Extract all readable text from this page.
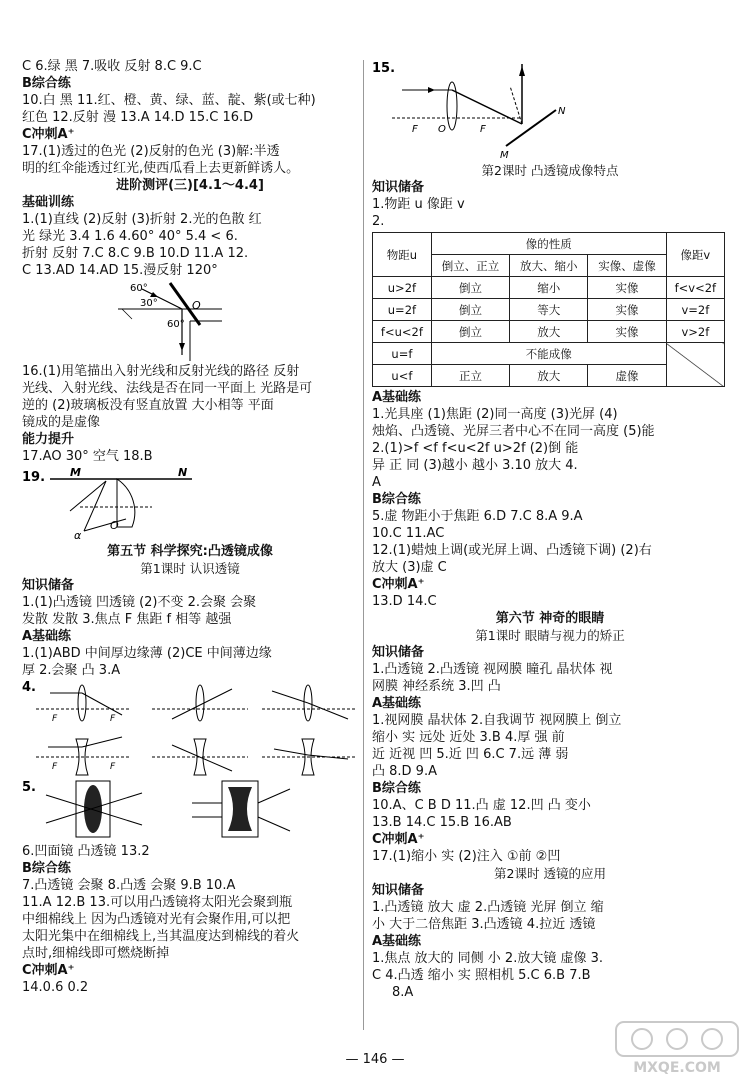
C 6.绿 黑 7.吸收 反射 8.C 9.C
B综合练
10.白 黑 11.红、橙、黄、绿、蓝、靛、紫(或七种)
红色 12.反射 漫 13.A 14.D 15.C 16.D
C冲刺A⁺
17.(1)透过的色光 (2)反射的色光 (3)解:半透
明的红伞能透过红光,使西瓜看上去更新鲜诱人。
进阶测评(三)[4.1～4.4]
基础训练
1.(1)直线 (2)反射 (3)折射 2.光的色散 红
光 绿光 3.4 1.6 4.60° 40° 5.4 < 6.
折射 反射 7.C 8.C 9.B 10.D 11.A 12.
C 13.AD 14.AD 15.漫反射 120°
60°
30°
60°
O
16.(1)用笔描出入射光线和反射光线的路径 反射
光线、入射光线、法线是否在同一平面上 光路是可
逆的 (2)玻璃板没有竖直放置 大小相等 平面
镜成的是虚像
能力提升
17.AO 30° 空气 18.B
19. M	N
O
α
第五节 科学探究:凸透镜成像
第1课时 认识透镜
知识储备
1.(1)凸透镜 凹透镜 (2)不变 2.会聚 会聚
发散 发散 3.焦点 F 焦距 f 相等 越强
A基础练
1.(1)ABD 中间厚边缘薄 (2)CE 中间薄边缘
厚 2.会聚 凸 3.A
4.
F	F
F	F
5.
6.凹面镜 凸透镜 13.2
B综合练
7.凸透镜 会聚 8.凸透 会聚 9.B 10.A
11.A 12.B 13.可以用凸透镜将太阳光会聚到瓶
中细棉线上 因为凸透镜对光有会聚作用,可以把
太阳光集中在细棉线上,当其温度达到棉线的着火
点时,细棉线即可燃烧断掉
C冲刺A⁺
14.0.6 0.2
15.
F O	F
N
M
第2课时 凸透镜成像特点
知识储备
1.物距 u 像距 v
2.
物距u	像的性质			像距v
	倒立、正立	放大、缩小	实像、虚像	
u>2f	倒立	缩小	实像	f<v<2f
u=2f	倒立	等大	实像	v=2f
f<u<2f	倒立	放大	实像	v>2f
u=f	不能成像			
u<f	正立	放大	虚像	
A基础练
1.光具座 (1)焦距 (2)同一高度 (3)光屏 (4)
烛焰、凸透镜、光屏三者中心不在同一高度 (5)能
2.(1)>f <f f<u<2f u>2f (2)倒 能
异 正 同 (3)越小 越小 3.10 放大 4.
A
B综合练
5.虚 物距小于焦距 6.D 7.C 8.A 9.A
10.C 11.AC
12.(1)蜡烛上调(或光屏上调、凸透镜下调) (2)右
放大 (3)虚 C
C冲刺A⁺
13.D 14.C
第六节 神奇的眼睛
第1课时 眼睛与视力的矫正
知识储备
1.凸透镜 2.凸透镜 视网膜 瞳孔 晶状体 视
网膜 神经系统 3.凹 凸
A基础练
1.视网膜 晶状体 2.自我调节 视网膜上 倒立
缩小 实 远处 近处 3.B 4.厚 强 前
近 近视 凹 5.近 凹 6.C 7.远 薄 弱
凸 8.D 9.A
B综合练
10.A、C B D 11.凸 虚 12.凹 凸 变小
13.B 14.C 15.B 16.AB
C冲刺A⁺
17.(1)缩小 实 (2)注入 ①前 ②凹
第2课时 透镜的应用
知识储备
1.凸透镜 放大 虚 2.凸透镜 光屏 倒立 缩
小 大于二倍焦距 3.凸透镜 4.拉近 透镜
A基础练
1.焦点 放大的 同侧 小 2.放大镜 虚像 3.
C 4.凸透 缩小 实 照相机 5.C 6.B 7.B
8.A
— 146 —
MXQE.COM
